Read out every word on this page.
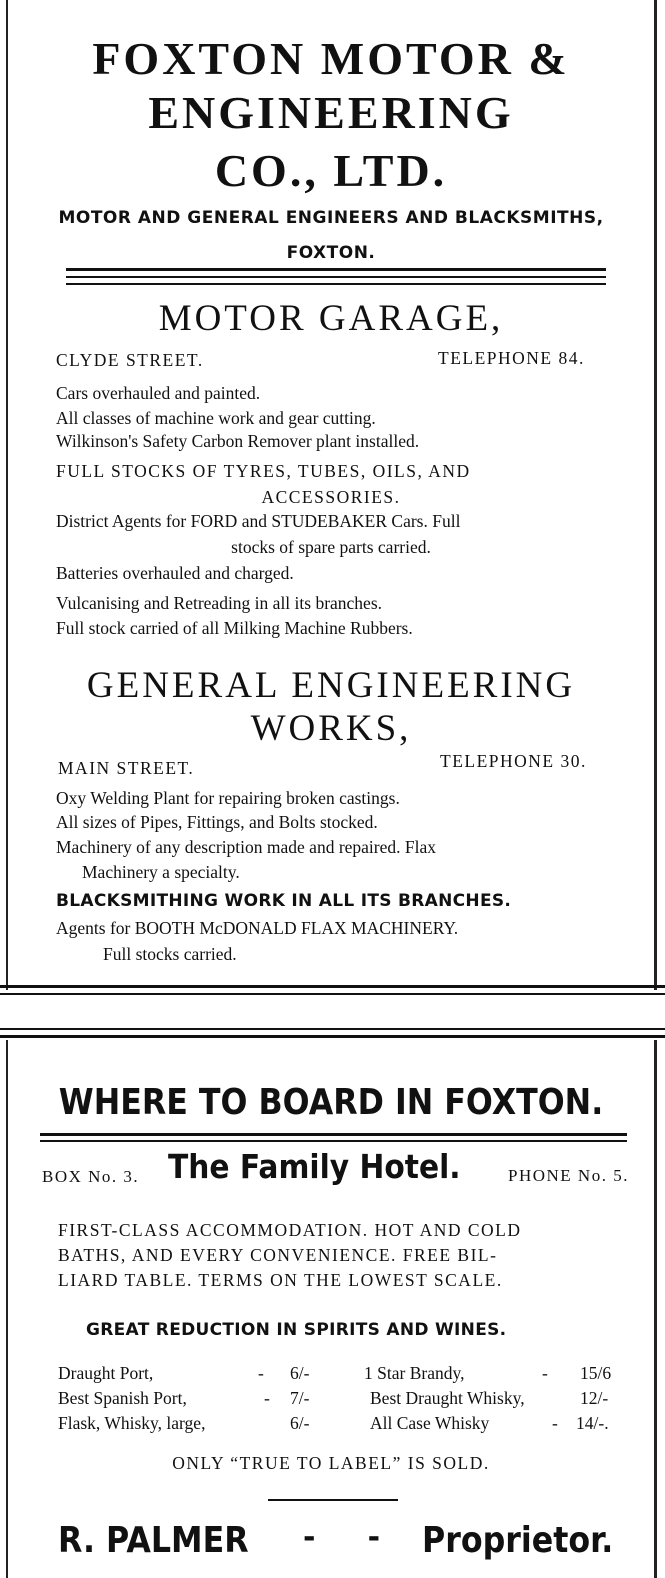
FOXTON MOTOR &
ENGINEERING
CO., LTD.
MOTOR AND GENERAL ENGINEERS AND BLACKSMITHS,
FOXTON.
MOTOR GARAGE,
CLYDE STREET.	TELEPHONE 84.
Cars overhauled and painted.
All classes of machine work and gear cutting.
Wilkinson's Safety Carbon Remover plant installed.
FULL STOCKS OF TYRES, TUBES, OILS, AND
ACCESSORIES.
District Agents for FORD and STUDEBAKER Cars. Full
stocks of spare parts carried.
Batteries overhauled and charged.
Vulcanising and Retreading in all its branches.
Full stock carried of all Milking Machine Rubbers.
GENERAL ENGINEERING
WORKS,
MAIN STREET.	TELEPHONE 30.
Oxy Welding Plant for repairing broken castings.
All sizes of Pipes, Fittings, and Bolts stocked.
Machinery of any description made and repaired. Flax
Machinery a specialty.
BLACKSMITHING WORK IN ALL ITS BRANCHES.
Agents for BOOTH McDONALD FLAX MACHINERY.
Full stocks carried.
WHERE TO BOARD IN FOXTON.
BOX No. 3. The Family Hotel.	PHONE No. 5.
FIRST-CLASS ACCOMMODATION. HOT AND COLD
BATHS, AND EVERY CONVENIENCE. FREE BIL-
LIARD TABLE. TERMS ON THE LOWEST SCALE.
GREAT REDUCTION IN SPIRITS AND WINES.
Draught Port,	- 6/-	1 Star Brandy,	- 15/6
Best Spanish Port,	- 7/-	Best Draught Whisky,	12/-
Flask, Whisky, large,	6/-	All Case Whisky	- 14/-.
ONLY “TRUE TO LABEL” IS SOLD.
R. PALMER -     - Proprietor.
